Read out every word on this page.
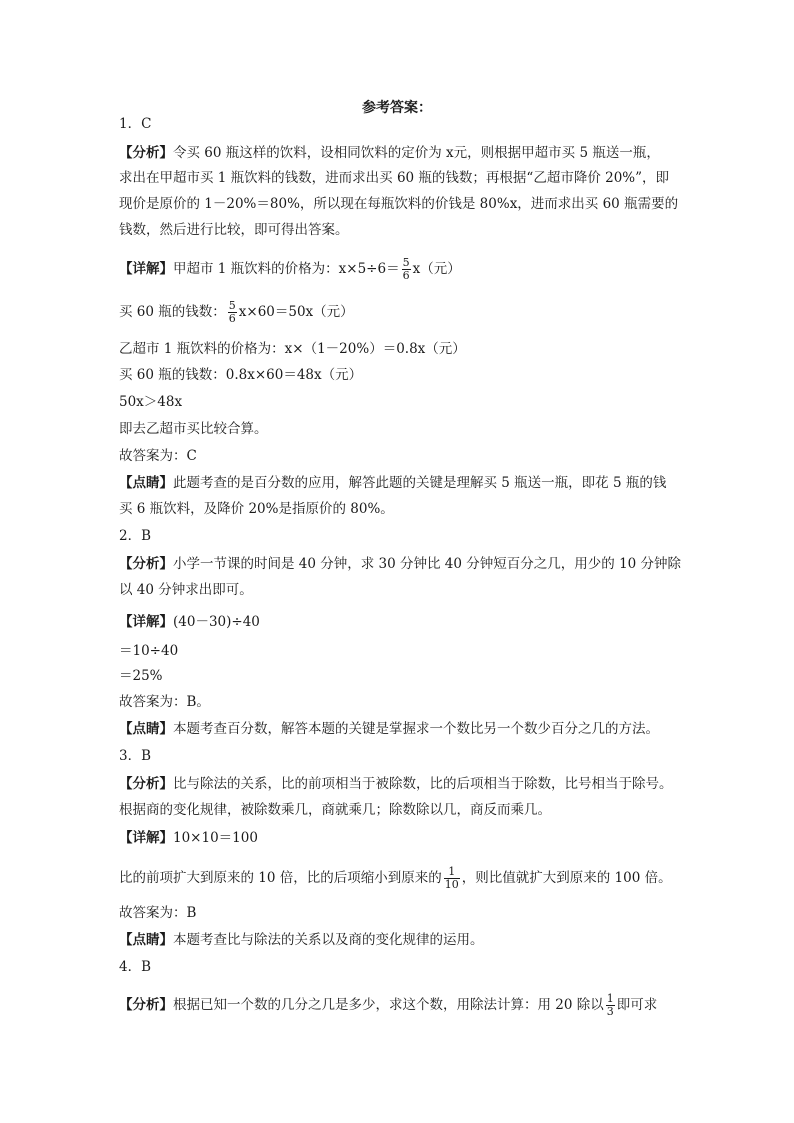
参考答案：
1．C
【分析】令买 60 瓶这样的饮料，设相同饮料的定价为 x元，则根据甲超市买 5 瓶送一瓶，
求出在甲超市买 1 瓶饮料的钱数，进而求出买 60 瓶的钱数；再根据“乙超市降价 20%”，即
现价是原价的 1－20%＝80%，所以现在每瓶饮料的价钱是 80%x，进而求出买 60 瓶需要的
钱数，然后进行比较，即可得出答案。
【详解】甲超市 1 瓶饮料的价格为：$x\times 5\div 6= \frac{5}{6} x$（元）
买 60 瓶的钱数： $\frac{5}{6} x\times 60=50x$（元）
乙超市 1 瓶饮料的价格为：x×（1－20%）＝0.8x（元）
买 60 瓶的钱数：0.8x×60＝48x（元）
50x＞48x
即去乙超市买比较合算。
故答案为：C
【点睛】此题考查的是百分数的应用，解答此题的关键是理解买 5 瓶送一瓶，即花 5 瓶的钱
买 6 瓶饮料，及降价 20%是指原价的 80%。
2．B
【分析】小学一节课的时间是 40 分钟，求 30 分钟比 40 分钟短百分之几，用少的 10 分钟除
以 40 分钟求出即可。
【详解】(40－30)÷40
＝10÷40
＝25%
故答案为：B。
【点睛】本题考查百分数，解答本题的关键是掌握求一个数比另一个数少百分之几的方法。
3．B
【分析】比与除法的关系，比的前项相当于被除数，比的后项相当于除数，比号相当于除号。
根据商的变化规律，被除数乘几，商就乘几；除数除以几，商反而乘几。
【详解】10×10＝100
比的前项扩大到原来的 10 倍，比的后项缩小到原来的 $\frac{1}{10}$ ，则比值就扩大到原来的 100 倍。
故答案为：B
【点睛】本题考查比与除法的关系以及商的变化规律的运用。
4．B
【分析】根据已知一个数的几分之几是多少，求这个数，用除法计算：用 20 除以 $\frac{1}{3}$ 即可求
